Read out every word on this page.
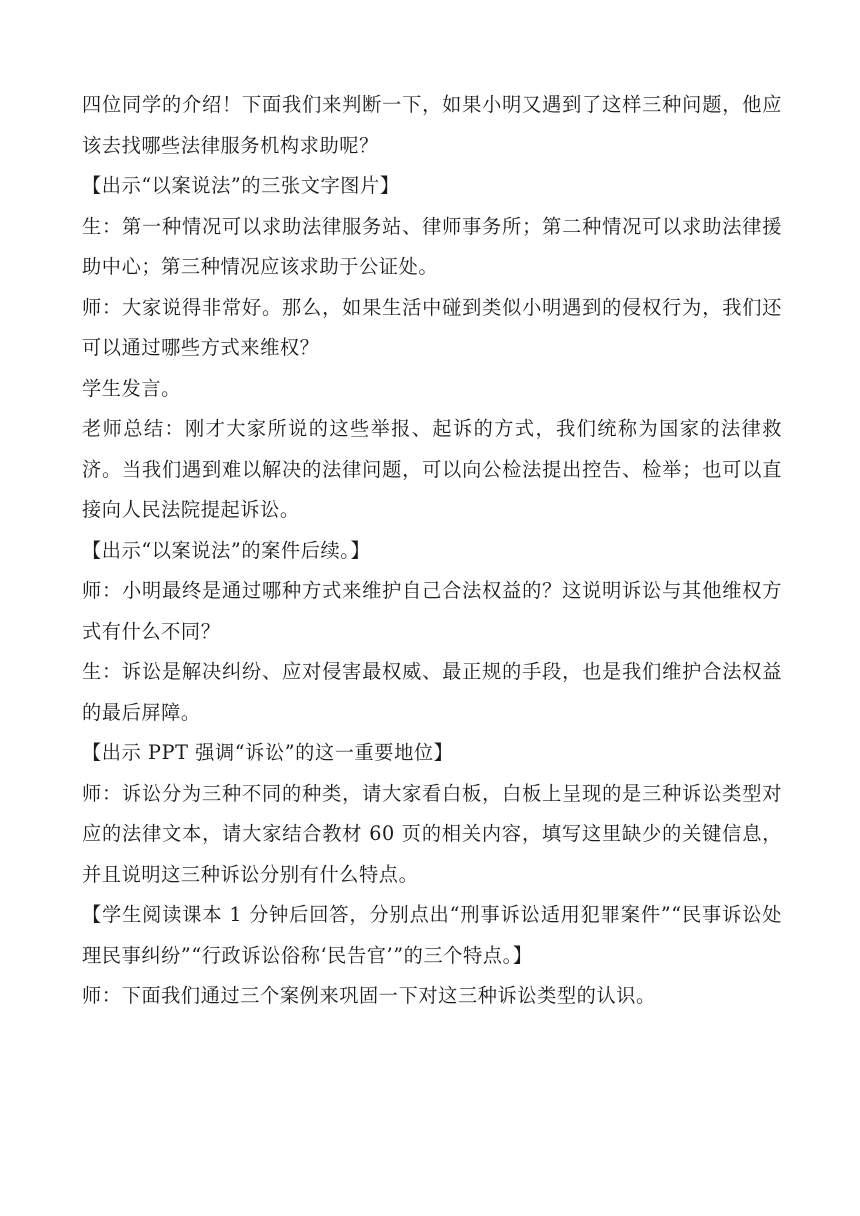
四位同学的介绍！下面我们来判断一下，如果小明又遇到了这样三种问题，他应该去找哪些法律服务机构求助呢？

【出示“以案说法”的三张文字图片】

生：第一种情况可以求助法律服务站、律师事务所；第二种情况可以求助法律援助中心；第三种情况应该求助于公证处。

师：大家说得非常好。那么，如果生活中碰到类似小明遇到的侵权行为，我们还可以通过哪些方式来维权？

学生发言。

老师总结：刚才大家所说的这些举报、起诉的方式，我们统称为国家的法律救济。当我们遇到难以解决的法律问题，可以向公检法提出控告、检举；也可以直接向人民法院提起诉讼。

【出示“以案说法”的案件后续。】

师：小明最终是通过哪种方式来维护自己合法权益的？这说明诉讼与其他维权方式有什么不同？

生：诉讼是解决纠纷、应对侵害最权威、最正规的手段，也是我们维护合法权益的最后屏障。

【出示 PPT 强调“诉讼”的这一重要地位】

师：诉讼分为三种不同的种类，请大家看白板，白板上呈现的是三种诉讼类型对应的法律文本，请大家结合教材 60 页的相关内容，填写这里缺少的关键信息，并且说明这三种诉讼分别有什么特点。

【学生阅读课本 1 分钟后回答，分别点出“刑事诉讼适用犯罪案件”“民事诉讼处理民事纠纷”“行政诉讼俗称‘民告官’”的三个特点。】

师：下面我们通过三个案例来巩固一下对这三种诉讼类型的认识。
